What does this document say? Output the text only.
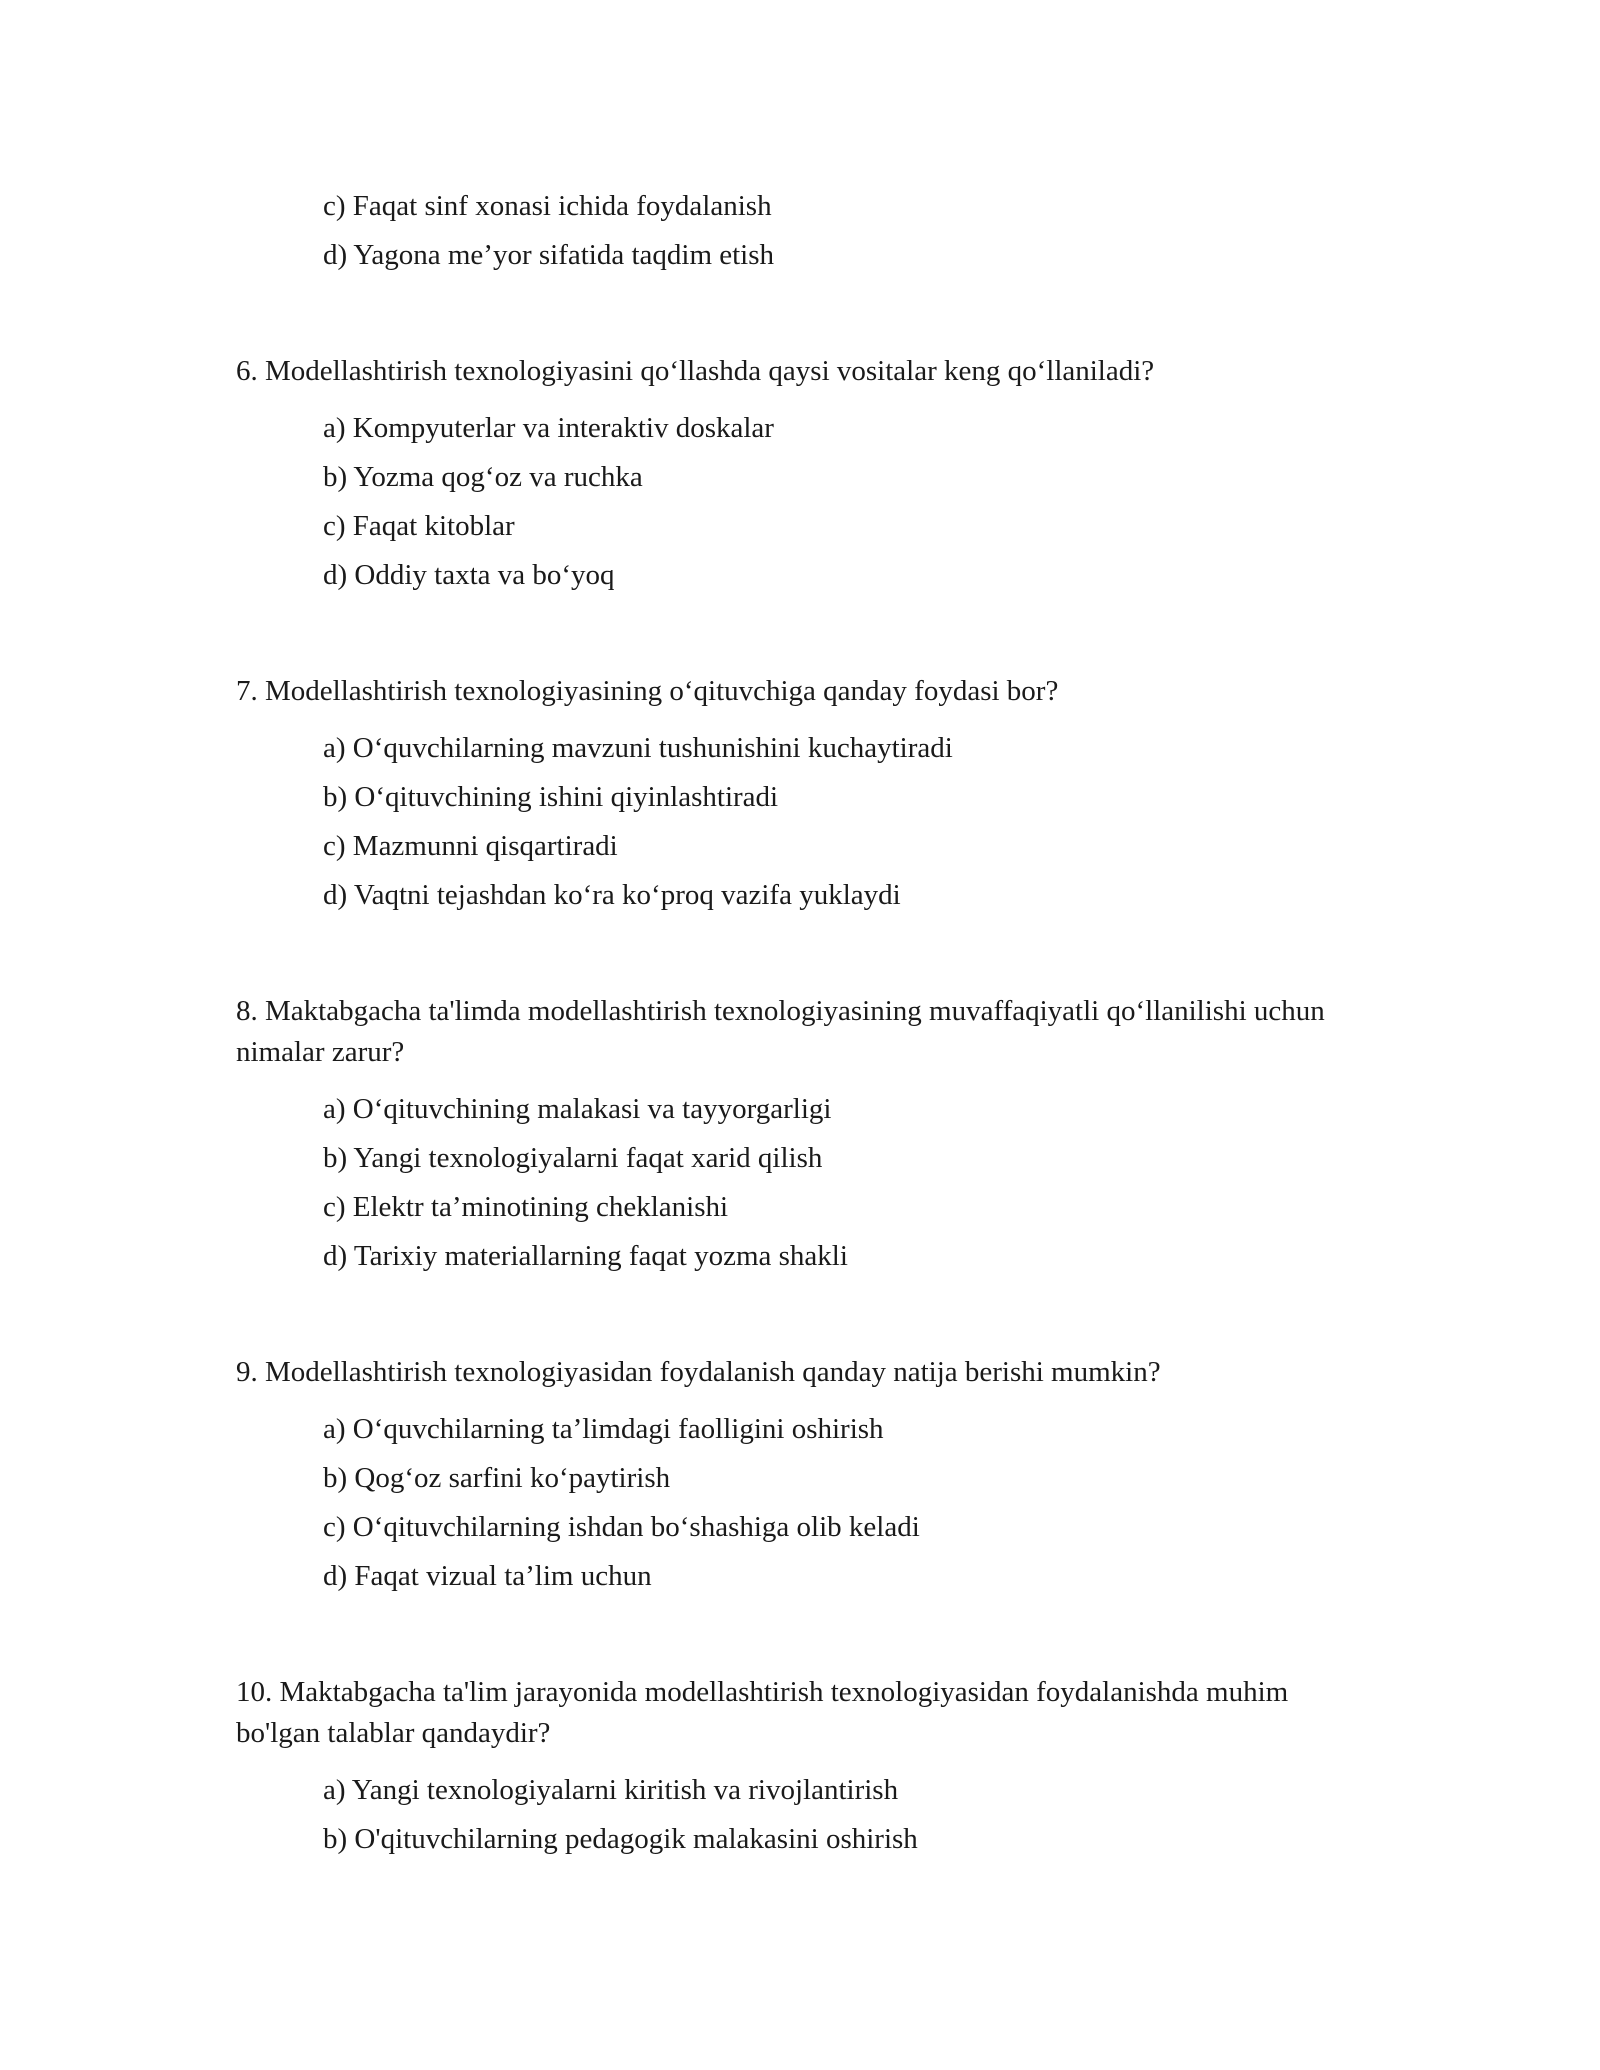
c) Faqat sinf xonasi ichida foydalanish

d) Yagona me’yor sifatida taqdim etish

6. Modellashtirish texnologiyasini qo‘llashda qaysi vositalar keng qo‘llaniladi?

a) Kompyuterlar va interaktiv doskalar

b) Yozma qog‘oz va ruchka

c) Faqat kitoblar

d) Oddiy taxta va bo‘yoq

7. Modellashtirish texnologiyasining o‘qituvchiga qanday foydasi bor?

a) O‘quvchilarning mavzuni tushunishini kuchaytiradi

b) O‘qituvchining ishini qiyinlashtiradi

c) Mazmunni qisqartiradi

d) Vaqtni tejashdan ko‘ra ko‘proq vazifa yuklaydi

8. Maktabgacha ta'limda modellashtirish texnologiyasining muvaffaqiyatli qo‘llanilishi uchun nimalar zarur?

a) O‘qituvchining malakasi va tayyorgarligi

b) Yangi texnologiyalarni faqat xarid qilish

c) Elektr ta’minotining cheklanishi

d) Tarixiy materiallarning faqat yozma shakli

9. Modellashtirish texnologiyasidan foydalanish qanday natija berishi mumkin?

a) O‘quvchilarning ta’limdagi faolligini oshirish

b) Qog‘oz sarfini ko‘paytirish

c) O‘qituvchilarning ishdan bo‘shashiga olib keladi

d) Faqat vizual ta’lim uchun

10. Maktabgacha ta'lim jarayonida modellashtirish texnologiyasidan foydalanishda muhim bo'lgan talablar qandaydir?

a) Yangi texnologiyalarni kiritish va rivojlantirish

b) O'qituvchilarning pedagogik malakasini oshirish
